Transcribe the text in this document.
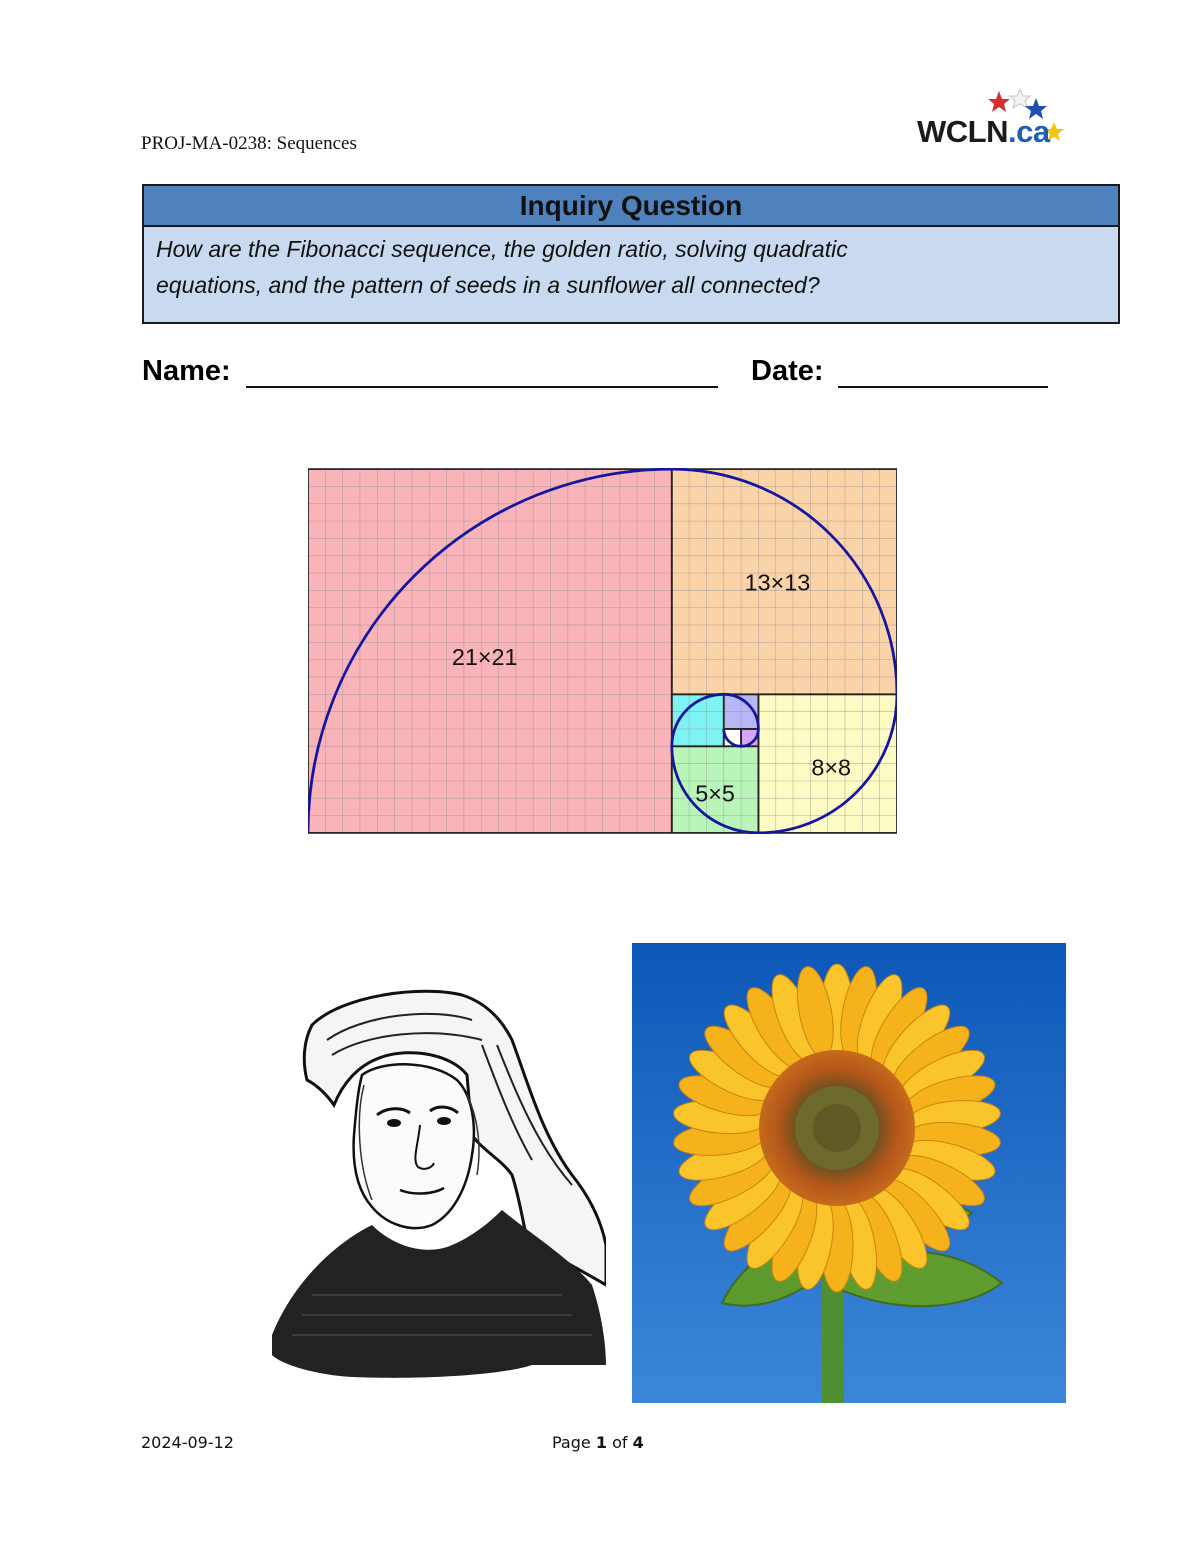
PROJ-MA-0238: Sequences	WCLN.ca
Inquiry Question
How are the Fibonacci sequence, the golden ratio, solving quadratic
equations, and the pattern of seeds in a sunflower all connected?
Name:	Date:
21×21
13×13
8×8
5×5
2024-09-12	Page 1 of 4
